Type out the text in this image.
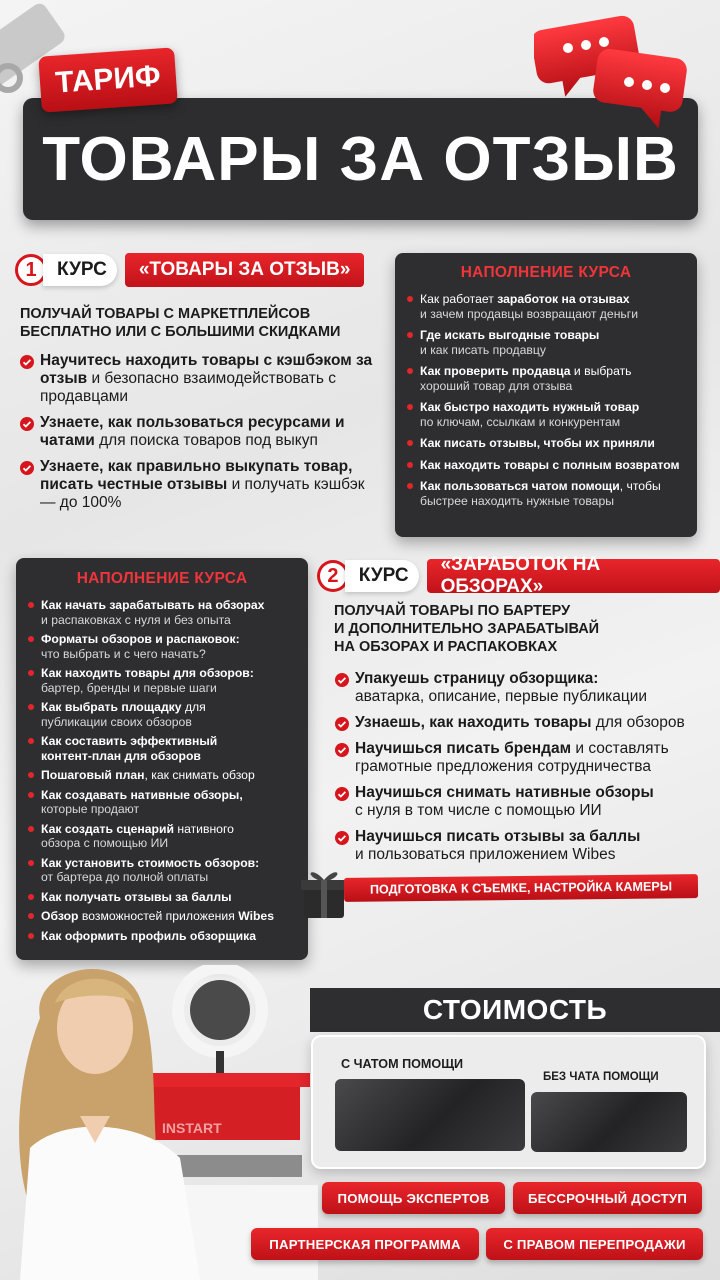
ТАРИФ
ТОВАРЫ ЗА ОТЗЫВ
1	КУРС	«ТОВАРЫ ЗА ОТЗЫВ»
ПОЛУЧАЙ ТОВАРЫ С МАРКЕТПЛЕЙСОВ
БЕСПЛАТНО ИЛИ С БОЛЬШИМИ СКИДКАМИ
Научитесь находить товары с кэшбэком за отзыв и безопасно взаимодействовать с продавцами
Узнаете, как пользоваться ресурсами и чатами для поиска товаров под выкуп
Узнаете, как правильно выкупать товар, писать честные отзывы и получать кэшбэк — до 100%
НАПОЛНЕНИЕ КУРСА
Как работает заработок на отзывах
и зачем продавцы возвращают деньги
Где искать выгодные товары
и как писать продавцу
Как проверить продавца и выбрать
хороший товар для отзыва
Как быстро находить нужный товар
по ключам, ссылкам и конкурентам
Как писать отзывы, чтобы их приняли
Как находить товары с полным возвратом
Как пользоваться чатом помощи, чтобы
быстрее находить нужные товары
НАПОЛНЕНИЕ КУРСА
Как начать зарабатывать на обзорах
и распаковках с нуля и без опыта
Форматы обзоров и распаковок:
что выбрать и с чего начать?
Как находить товары для обзоров:
бартер, бренды и первые шаги
Как выбрать площадку для
публикации своих обзоров
Как составить эффективный
контент-план для обзоров
Пошаговый план, как снимать обзор
Как создавать нативные обзоры,
которые продают
Как создать сценарий нативного
обзора с помощью ИИ
Как установить стоимость обзоров:
от бартера до полной оплаты
Как получать отзывы за баллы
Обзор возможностей приложения Wibes
Как оформить профиль обзорщика
2	КУРС
«ЗАРАБОТОК НА ОБЗОРАХ»
ПОЛУЧАЙ ТОВАРЫ ПО БАРТЕРУ
И ДОПОЛНИТЕЛЬНО ЗАРАБАТЫВАЙ
НА ОБЗОРАХ И РАСПАКОВКАХ
Упакуешь страницу обзорщика:
аватарка, описание, первые публикации
Узнаешь, как находить товары для обзоров
Научишься писать брендам и составлять грамотные предложения сотрудничества
Научишься снимать нативные обзоры
с нуля в том числе с помощью ИИ
Научишься писать отзывы за баллы
и пользоваться приложением Wibes
ПОДГОТОВКА К СЪЕМКЕ, НАСТРОЙКА КАМЕРЫ
INSTART
СТОИМОСТЬ
С ЧАТОМ ПОМОЩИ
БЕЗ ЧАТА ПОМОЩИ
ПОМОЩЬ ЭКСПЕРТОВ	БЕССРОЧНЫЙ ДОСТУП
ПАРТНЕРСКАЯ ПРОГРАММА	С ПРАВОМ ПЕРЕПРОДАЖИ
